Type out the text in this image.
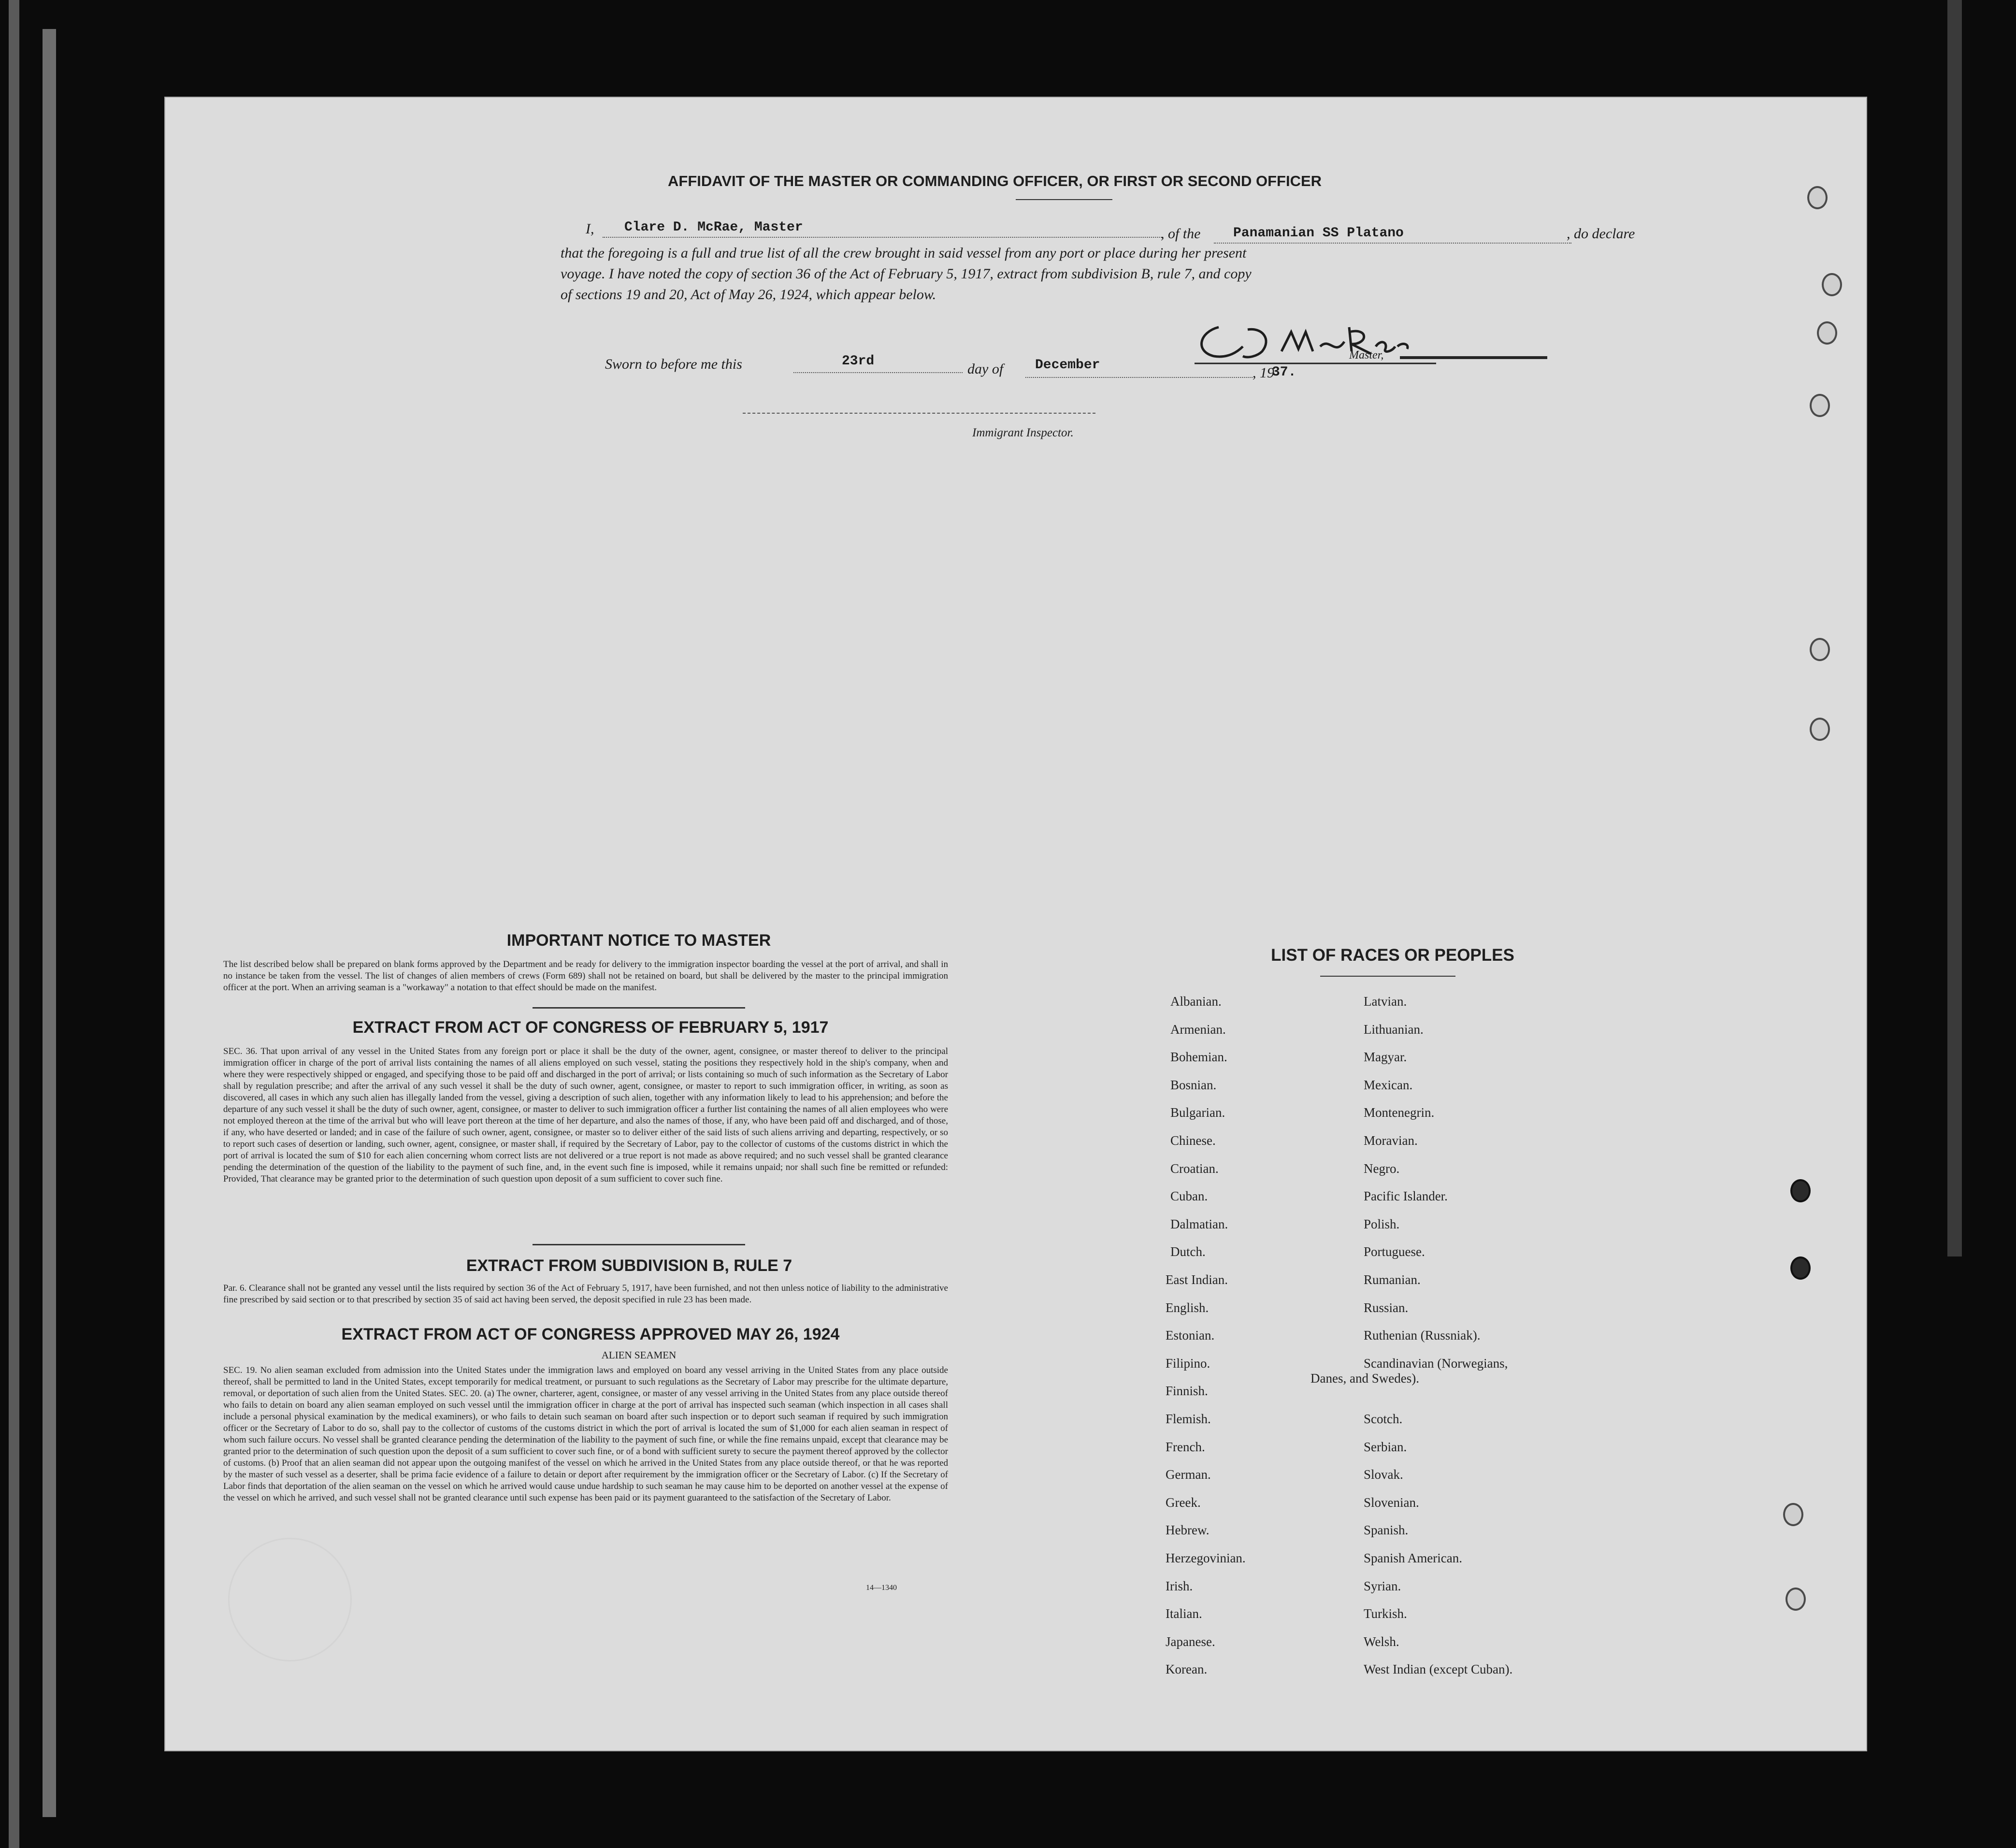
AFFIDAVIT OF THE MASTER OR COMMANDING OFFICER, OR FIRST OR SECOND OFFICER
I, Clare D. McRae, Master	, of the Panamanian SS Platano	, do declare
that the foregoing is a full and true list of all the crew brought in said vessel from any port or place during her present
voyage. I have noted the copy of section 36 of the Act of February 5, 1917, extract from subdivision B, rule 7, and copy
of sections 19 and 20, Act of May 26, 1924, which appear below.
Sworn to before me this	23rd	day of December	, 19
37.
Master,
Immigrant Inspector.
IMPORTANT NOTICE TO MASTER
The list described below shall be prepared on blank forms approved by the Department and be ready for delivery to the immigration inspector boarding the vessel at the port of arrival, and shall in no instance be taken from the vessel. The list of changes of alien members of crews (Form 689) shall not be retained on board, but shall be delivered by the master to the principal immigration officer at the port. When an arriving seaman is a "workaway" a notation to that effect should be made on the manifest.
EXTRACT FROM ACT OF CONGRESS OF FEBRUARY 5, 1917
SEC. 36. That upon arrival of any vessel in the United States from any foreign port or place it shall be the duty of the owner, agent, consignee, or master thereof to deliver to the principal immigration officer in charge of the port of arrival lists containing the names of all aliens employed on such vessel, stating the positions they respectively hold in the ship's company, when and where they were respectively shipped or engaged, and specifying those to be paid off and discharged in the port of arrival; or lists containing so much of such information as the Secretary of Labor shall by regulation prescribe; and after the arrival of any such vessel it shall be the duty of such owner, agent, consignee, or master to report to such immigration officer, in writing, as soon as discovered, all cases in which any such alien has illegally landed from the vessel, giving a description of such alien, together with any information likely to lead to his apprehension; and before the departure of any such vessel it shall be the duty of such owner, agent, consignee, or master to deliver to such immigration officer a further list containing the names of all alien employees who were not employed thereon at the time of the arrival but who will leave port thereon at the time of her departure, and also the names of those, if any, who have been paid off and discharged, and of those, if any, who have deserted or landed; and in case of the failure of such owner, agent, consignee, or master so to deliver either of the said lists of such aliens arriving and departing, respectively, or so to report such cases of desertion or landing, such owner, agent, consignee, or master shall, if required by the Secretary of Labor, pay to the collector of customs of the customs district in which the port of arrival is located the sum of $10 for each alien concerning whom correct lists are not delivered or a true report is not made as above required; and no such vessel shall be granted clearance pending the determination of the question of the liability to the payment of such fine, and, in the event such fine is imposed, while it remains unpaid; nor shall such fine be remitted or refunded: Provided, That clearance may be granted prior to the determination of such question upon deposit of a sum sufficient to cover such fine.
EXTRACT FROM SUBDIVISION B, RULE 7
Par. 6. Clearance shall not be granted any vessel until the lists required by section 36 of the Act of February 5, 1917, have been furnished, and not then unless notice of liability to the administrative fine prescribed by said section or to that prescribed by section 35 of said act having been served, the deposit specified in rule 23 has been made.
EXTRACT FROM ACT OF CONGRESS APPROVED MAY 26, 1924
ALIEN SEAMEN
SEC. 19. No alien seaman excluded from admission into the United States under the immigration laws and employed on board any vessel arriving in the United States from any place outside thereof, shall be permitted to land in the United States, except temporarily for medical treatment, or pursuant to such regulations as the Secretary of Labor may prescribe for the ultimate departure, removal, or deportation of such alien from the United States. SEC. 20. (a) The owner, charterer, agent, consignee, or master of any vessel arriving in the United States from any place outside thereof who fails to detain on board any alien seaman employed on such vessel until the immigration officer in charge at the port of arrival has inspected such seaman (which inspection in all cases shall include a personal physical examination by the medical examiners), or who fails to detain such seaman on board after such inspection or to deport such seaman if required by such immigration officer or the Secretary of Labor to do so, shall pay to the collector of customs of the customs district in which the port of arrival is located the sum of $1,000 for each alien seaman in respect of whom such failure occurs. No vessel shall be granted clearance pending the determination of the liability to the payment of such fine, or while the fine remains unpaid, except that clearance may be granted prior to the determination of such question upon the deposit of a sum sufficient to cover such fine, or of a bond with sufficient surety to secure the payment thereof approved by the collector of customs. (b) Proof that an alien seaman did not appear upon the outgoing manifest of the vessel on which he arrived in the United States from any place outside thereof, or that he was reported by the master of such vessel as a deserter, shall be prima facie evidence of a failure to detain or deport after requirement by the immigration officer or the Secretary of Labor. (c) If the Secretary of Labor finds that deportation of the alien seaman on the vessel on which he arrived would cause undue hardship to such seaman he may cause him to be deported on another vessel at the expense of the vessel on which he arrived, and such vessel shall not be granted clearance until such expense has been paid or its payment guaranteed to the satisfaction of the Secretary of Labor.
14—1340
LIST OF RACES OR PEOPLES
Albanian.
Armenian.
Bohemian.
Bosnian.
Bulgarian.
Chinese.
Croatian.
Cuban.
Dalmatian.
Dutch.
East Indian.
English.
Estonian.
Filipino.
Finnish.
Flemish.
French.
German.
Greek.
Hebrew.
Herzegovinian.
Irish.
Italian.
Japanese.
Korean.
Latvian.
Lithuanian.
Magyar.
Mexican.
Montenegrin.
Moravian.
Negro.
Pacific Islander.
Polish.
Portuguese.
Rumanian.
Russian.
Ruthenian (Russniak).
Scandinavian (Norwegians,
Danes, and Swedes).
Scotch.
Serbian.
Slovak.
Slovenian.
Spanish.
Spanish American.
Syrian.
Turkish.
Welsh.
West Indian (except Cuban).
